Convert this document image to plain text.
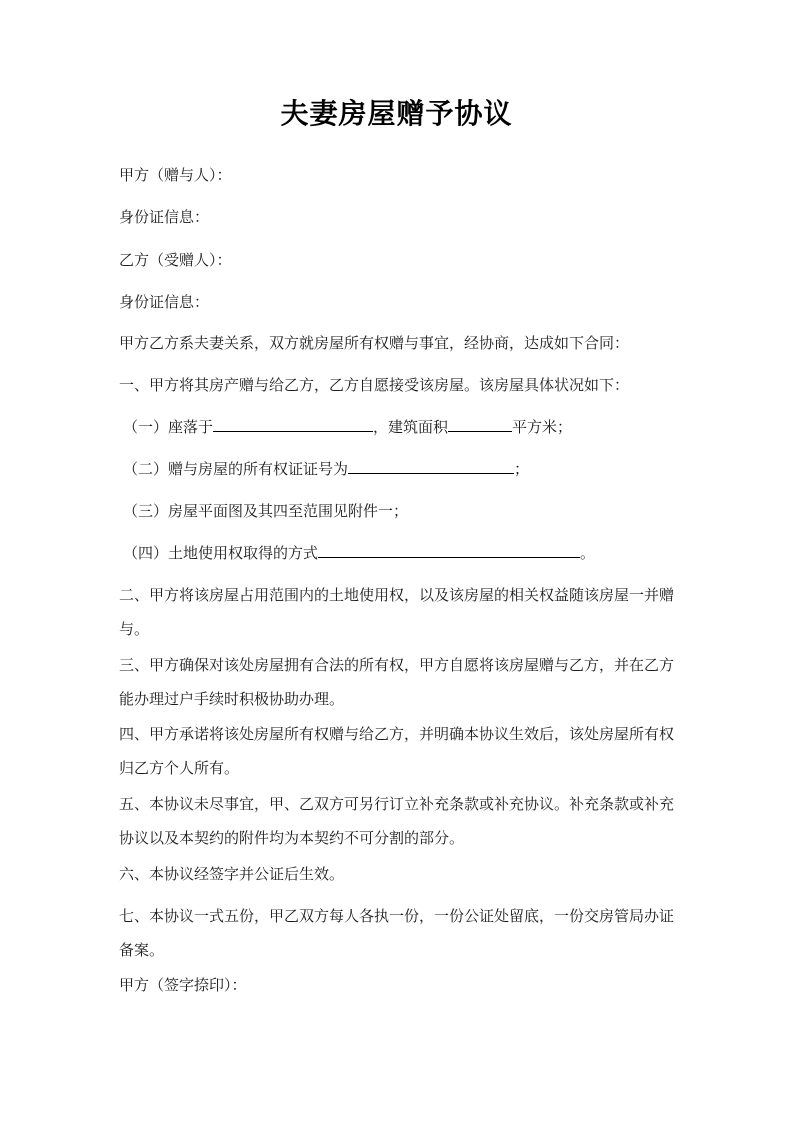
夫妻房屋赠予协议
甲方（赠与人）：
身份证信息：
乙方（受赠人）：
身份证信息：
甲方乙方系夫妻关系，双方就房屋所有权赠与事宜，经协商，达成如下合同：
一、甲方将其房产赠与给乙方，乙方自愿接受该房屋。该房屋具体状况如下：
（一）座落于	，建筑面积	平方米；
（二）赠与房屋的所有权证证号为	；
（三）房屋平面图及其四至范围见附件一；
（四）土地使用权取得的方式	。
二、甲方将该房屋占用范围内的土地使用权，以及该房屋的相关权益随该房屋一并赠与。
三、甲方确保对该处房屋拥有合法的所有权，甲方自愿将该房屋赠与乙方，并在乙方能办理过户手续时积极协助办理。
四、甲方承诺将该处房屋所有权赠与给乙方，并明确本协议生效后，该处房屋所有权归乙方个人所有。
五、本协议未尽事宜，甲、乙双方可另行订立补充条款或补充协议。补充条款或补充协议以及本契约的附件均为本契约不可分割的部分。
六、本协议经签字并公证后生效。
七、本协议一式五份，甲乙双方每人各执一份，一份公证处留底，一份交房管局办证备案。
甲方（签字捺印）：
